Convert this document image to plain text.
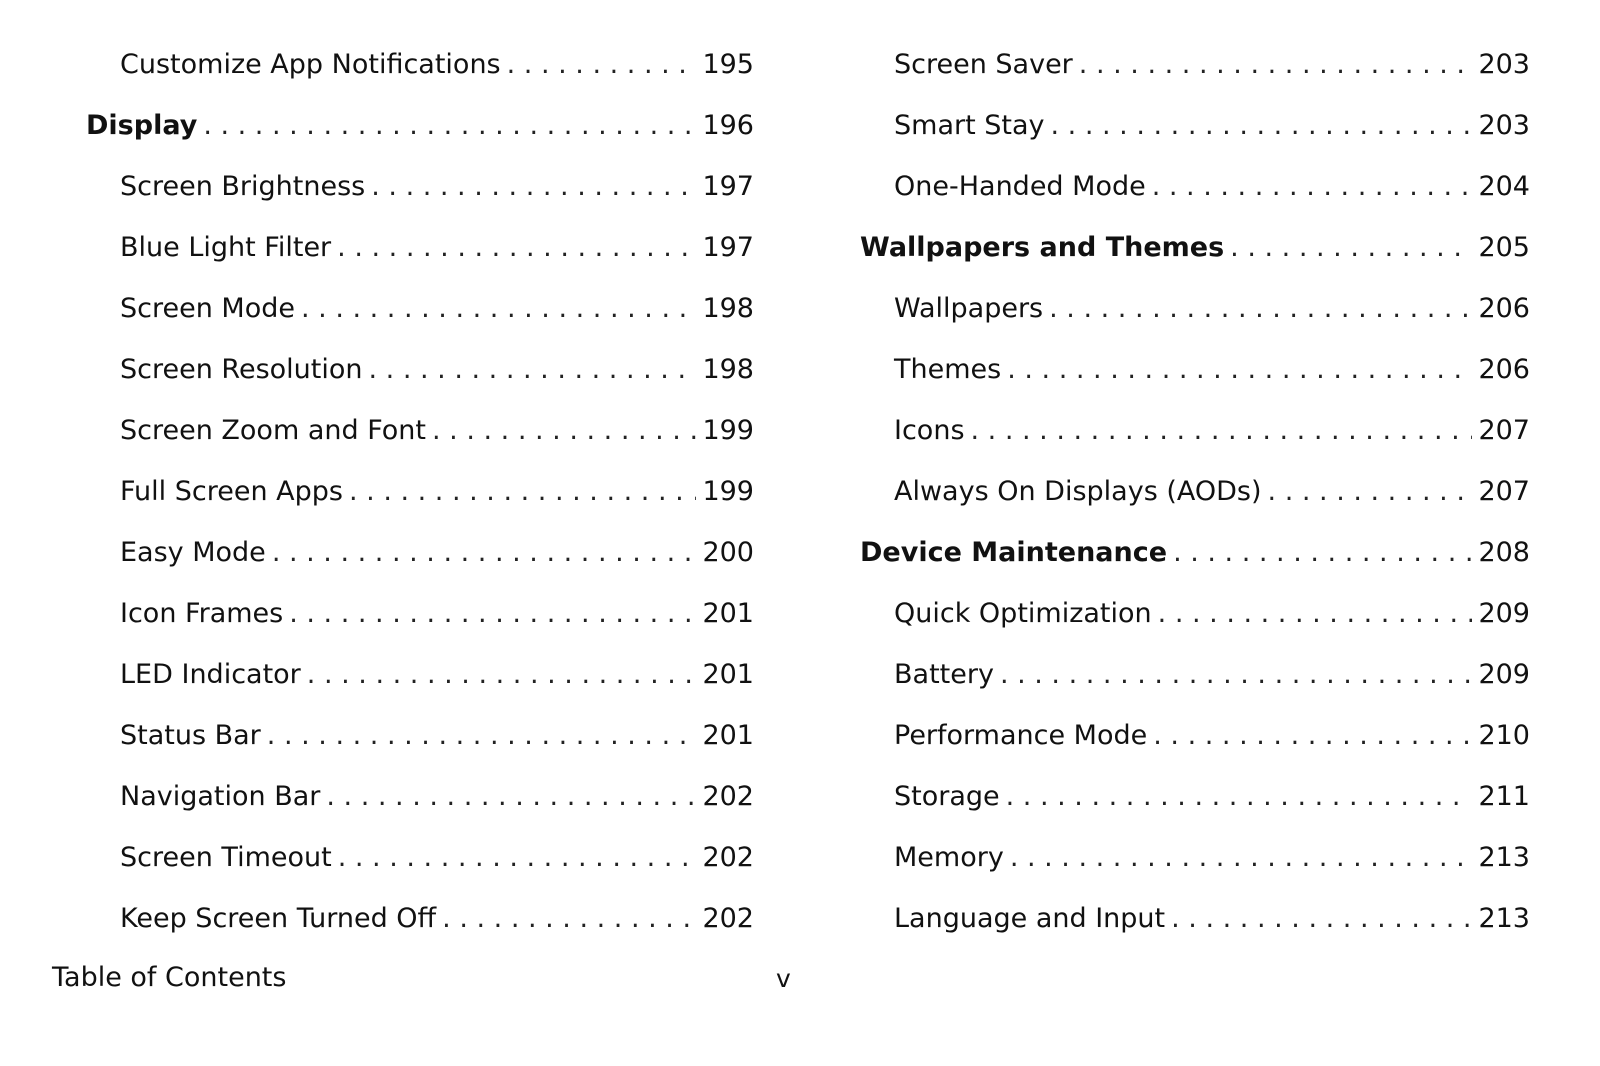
Customize App Notifications . . .	195
Display . . .	196
Screen Brightness . . .	197
Blue Light Filter . . .	197
Screen Mode . . .	198
Screen Resolution . . .	198
Screen Zoom and Font . . .	199
Full Screen Apps . . .	199
Easy Mode . . .	200
Icon Frames . . .	201
LED Indicator . . .	201
Status Bar . . .	201
Navigation Bar . . .	202
Screen Timeout . . .	202
Keep Screen Turned Off . . .	202
Screen Saver . . .	203
Smart Stay . . .	203
One-Handed Mode . . .	204
Wallpapers and Themes . . .	205
Wallpapers . . .	206
Themes . . .	206
Icons . . .	207
Always On Displays (AODs) . . .	207
Device Maintenance . . .	208
Quick Optimization . . .	209
Battery . . .	209
Performance Mode . . .	210
Storage . . .	211
Memory . . .	213
Language and Input . . .	213
Table of Contents	v
